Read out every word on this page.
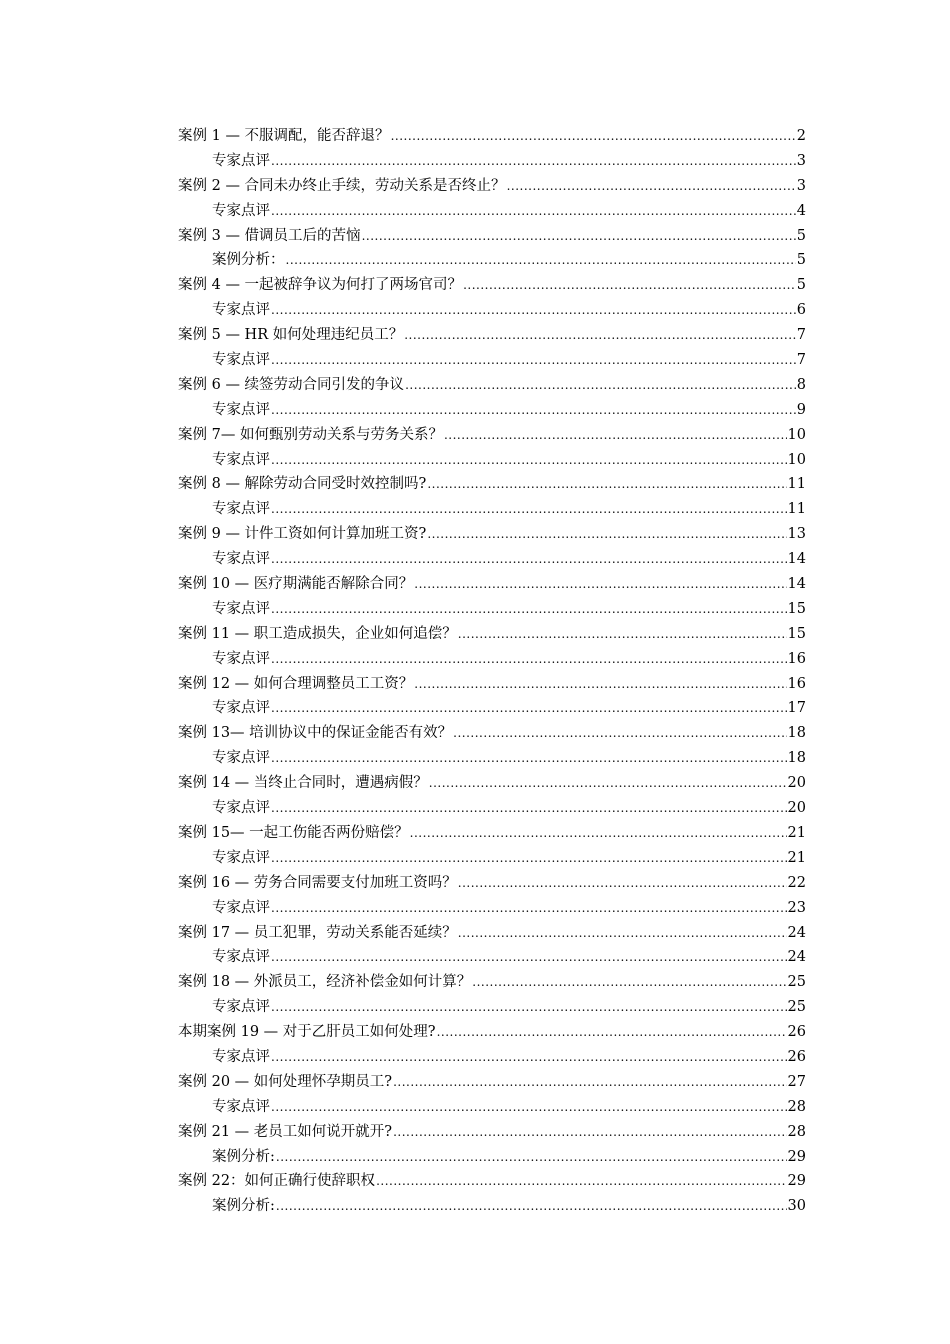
案例 1 — 不服调配，能否辞退？ .....	2
专家点评 .....	3
案例 2 — 合同未办终止手续，劳动关系是否终止？ .....	3
专家点评 .....	4
案例 3 — 借调员工后的苦恼 .....	5
案例分析： .....	5
案例 4 — 一起被辞争议为何打了两场官司？ .....	5
专家点评 .....	6
案例 5 — HR 如何处理违纪员工？ .....	7
专家点评 .....	7
案例 6 — 续签劳动合同引发的争议 .....	8
专家点评 .....	9
案例 7— 如何甄别劳动关系与劳务关系？ .....	10
专家点评 .....	10
案例 8 — 解除劳动合同受时效控制吗? .....	11
专家点评 .....	11
案例 9 — 计件工资如何计算加班工资? .....	13
专家点评 .....	14
案例 10 — 医疗期满能否解除合同？ .....	14
专家点评 .....	15
案例 11 — 职工造成损失，企业如何追偿？ .....	15
专家点评 .....	16
案例 12 — 如何合理调整员工工资？ .....	16
专家点评 .....	17
案例 13— 培训协议中的保证金能否有效？ .....	18
专家点评 .....	18
案例 14 — 当终止合同时，遭遇病假？ .....	20
专家点评 .....	20
案例 15— 一起工伤能否两份赔偿？ .....	21
专家点评 .....	21
案例 16 — 劳务合同需要支付加班工资吗？ .....	22
专家点评 .....	23
案例 17 — 员工犯罪，劳动关系能否延续？ .....	24
专家点评 .....	24
案例 18 — 外派员工，经济补偿金如何计算？ .....	25
专家点评 .....	25
本期案例 19 — 对于乙肝员工如何处理? .....	26
专家点评 .....	26
案例 20 — 如何处理怀孕期员工? .....	27
专家点评 .....	28
案例 21 — 老员工如何说开就开? .....	28
案例分析: .....	29
案例 22：如何正确行使辞职权 .....	29
案例分析: .....	30
